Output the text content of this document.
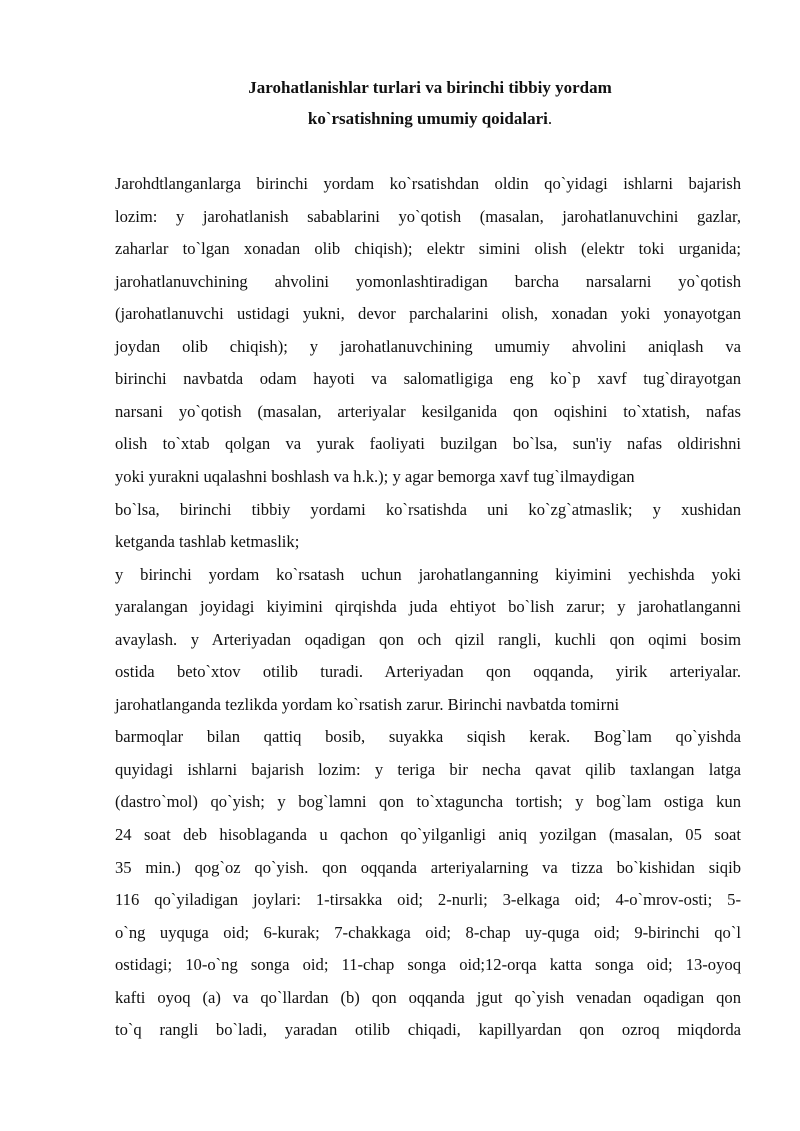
Jarohatlanishlar turlari va birinchi tibbiy yordam
ko`rsatishning umumiy qoidalari.
Jarohdtlanganlarga birinchi yordam ko`rsatishdan oldin qo`yidagi ishlarni bajarish
lozim: y jarohatlanish sabablarini yo`qotish (masalan, jarohatlanuvchini gazlar,
zaharlar to`lgan xonadan olib chiqish); elektr simini olish (elektr toki urganida;
jarohatlanuvchining ahvolini yomonlashtiradigan barcha narsalarni yo`qotish
(jarohatlanuvchi ustidagi yukni, devor parchalarini olish, xonadan yoki yonayotgan
joydan olib chiqish); y jarohatlanuvchining umumiy ahvolini aniqlash va
birinchi navbatda odam hayoti va salomatligiga eng ko`p xavf tug`dirayotgan
narsani yo`qotish (masalan, arteriyalar kesilganida qon oqishini to`xtatish, nafas
olish to`xtab qolgan va yurak faoliyati buzilgan bo`lsa, sun'iy nafas oldirishni
yoki yurakni uqalashni boshlash va h.k.); y agar bemorga xavf tug`ilmaydigan
bo`lsa, birinchi tibbiy yordami ko`rsatishda uni ko`zg`atmaslik; y xushidan
ketganda tashlab ketmaslik;
y birinchi yordam ko`rsatash uchun jarohatlanganning kiyimini yechishda yoki
yaralangan joyidagi kiyimini qirqishda juda ehtiyot bo`lish zarur; y jarohatlanganni
avaylash. y Arteriyadan oqadigan qon och qizil rangli, kuchli qon oqimi bosim
ostida beto`xtov otilib turadi. Arteriyadan qon oqqanda, yirik arteriyalar.
jarohatlanganda tezlikda yordam ko`rsatish zarur. Birinchi navbatda tomirni
barmoqlar bilan qattiq bosib, suyakka siqish kerak. Bog`lam qo`yishda
quyidagi ishlarni bajarish lozim: y teriga bir necha qavat qilib taxlangan latga
(dastro`mol) qo`yish; y bog`lamni qon to`xtaguncha tortish; y bog`lam ostiga kun
24 soat deb hisoblaganda u qachon qo`yilganligi aniq yozilgan (masalan, 05 soat
35 min.) qog`oz qo`yish. qon oqqanda arteriyalarning va tizza bo`kishidan siqib
116 qo`yiladigan joylari: 1-tirsakka oid; 2-nurli; 3-elkaga oid; 4-o`mrov-osti; 5-
o`ng uyquga oid; 6-kurak; 7-chakkaga oid; 8-chap uy-quga oid; 9-birinchi qo`l
ostidagi; 10-o`ng songa oid; 11-chap songa oid;12-orqa katta songa oid; 13-oyoq
kafti oyoq (a) va qo`llardan (b) qon oqqanda jgut qo`yish venadan oqadigan qon
to`q rangli bo`ladi, yaradan otilib chiqadi, kapillyardan qon ozroq miqdorda
